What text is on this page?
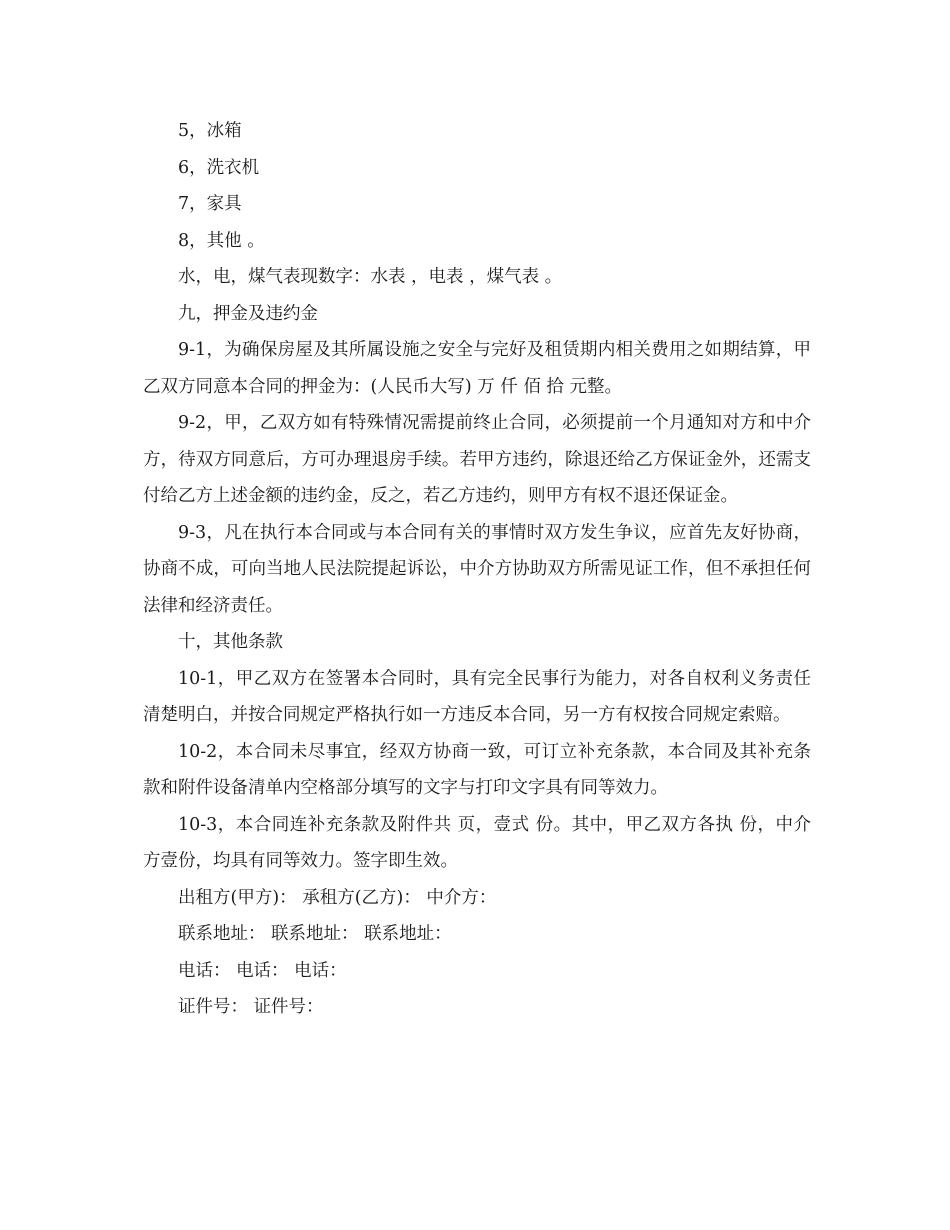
5，冰箱

6，洗衣机

7，家具

8，其他 。

水，电，煤气表现数字：水表 ，电表 ，煤气表 。

九，押金及违约金

9-1，为确保房屋及其所属设施之安全与完好及租赁期内相关费用之如期结算，甲乙双方同意本合同的押金为：(人民币大写) 万 仟 佰 拾 元整。

9-2，甲，乙双方如有特殊情况需提前终止合同，必须提前一个月通知对方和中介方，待双方同意后，方可办理退房手续。若甲方违约，除退还给乙方保证金外，还需支付给乙方上述金额的违约金，反之，若乙方违约，则甲方有权不退还保证金。

9-3，凡在执行本合同或与本合同有关的事情时双方发生争议，应首先友好协商，协商不成，可向当地人民法院提起诉讼，中介方协助双方所需见证工作，但不承担任何法律和经济责任。

十，其他条款

10-1，甲乙双方在签署本合同时，具有完全民事行为能力，对各自权利义务责任清楚明白，并按合同规定严格执行如一方违反本合同，另一方有权按合同规定索赔。

10-2，本合同未尽事宜，经双方协商一致，可订立补充条款，本合同及其补充条款和附件设备清单内空格部分填写的文字与打印文字具有同等效力。

10-3，本合同连补充条款及附件共 页，壹式 份。其中，甲乙双方各执 份，中介方壹份，均具有同等效力。签字即生效。

出租方(甲方)： 承租方(乙方)： 中介方：

联系地址： 联系地址： 联系地址：

电话： 电话： 电话：

证件号： 证件号：
